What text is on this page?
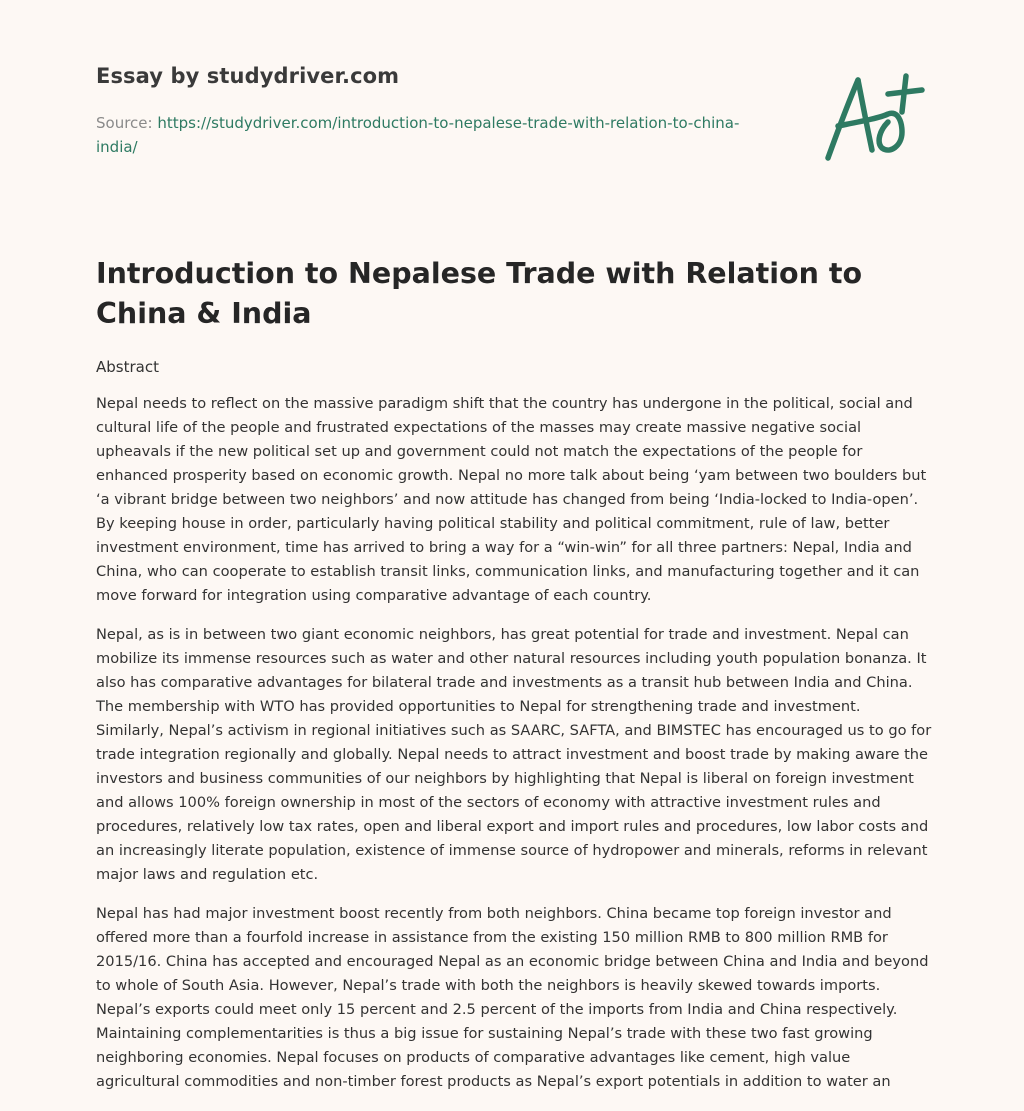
Essay by studydriver.com
Source: https://studydriver.com/introduction-to-nepalese-trade-with-relation-to-china-india/
Introduction to Nepalese Trade with Relation to China & India
Abstract

Nepal needs to reflect on the massive paradigm shift that the country has undergone in the political, social and cultural life of the people and frustrated expectations of the masses may create massive negative social upheavals if the new political set up and government could not match the expectations of the people for enhanced prosperity based on economic growth. Nepal no more talk about being ‘yam between two boulders but ‘a vibrant bridge between two neighbors’ and now attitude has changed from being ‘India-locked to India-open’. By keeping house in order, particularly having political stability and political commitment, rule of law, better investment environment, time has arrived to bring a way for a “win-win” for all three partners: Nepal, India and China, who can cooperate to establish transit links, communication links, and manufacturing together and it can move forward for integration using comparative advantage of each country.

Nepal, as is in between two giant economic neighbors, has great potential for trade and investment. Nepal can mobilize its immense resources such as water and other natural resources including youth population bonanza. It also has comparative advantages for bilateral trade and investments as a transit hub between India and China. The membership with WTO has provided opportunities to Nepal for strengthening trade and investment. Similarly, Nepal’s activism in regional initiatives such as SAARC, SAFTA, and BIMSTEC has encouraged us to go for trade integration regionally and globally. Nepal needs to attract investment and boost trade by making aware the investors and business communities of our neighbors by highlighting that Nepal is liberal on foreign investment and allows 100% foreign ownership in most of the sectors of economy with attractive investment rules and procedures, relatively low tax rates, open and liberal export and import rules and procedures, low labor costs and an increasingly literate population, existence of immense source of hydropower and minerals, reforms in relevant major laws and regulation etc.

Nepal has had major investment boost recently from both neighbors. China became top foreign investor and offered more than a fourfold increase in assistance from the existing 150 million RMB to 800 million RMB for 2015/16. China has accepted and encouraged Nepal as an economic bridge between China and India and beyond to whole of South Asia. However, Nepal’s trade with both the neighbors is heavily skewed towards imports. Nepal’s exports could meet only 15 percent and 2.5 percent of the imports from India and China respectively. Maintaining complementarities is thus a big issue for sustaining Nepal’s trade with these two fast growing neighboring economies. Nepal focuses on products of comparative advantages like cement, high value agricultural commodities and non-timber forest products as Nepal’s export potentials in addition to water an
